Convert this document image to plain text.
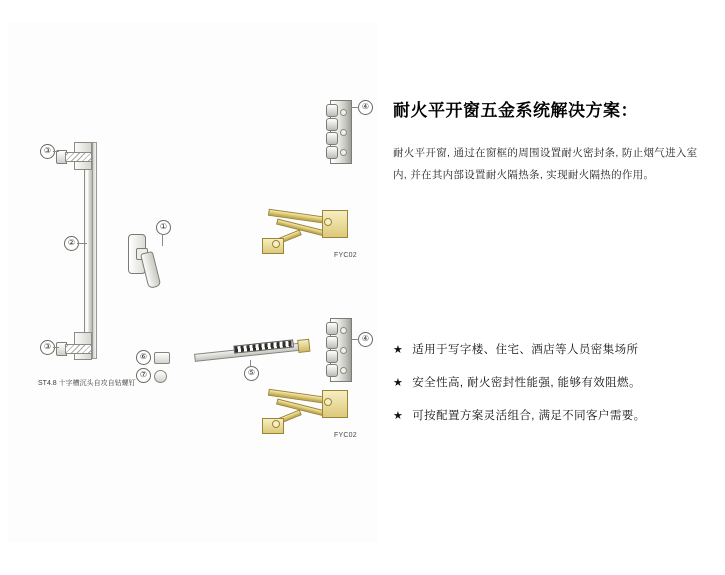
FYC02
FYC02
①
②
③
③
④
④
⑤
⑥
⑦
ST4.8 十字槽沉头自攻自钻螺钉
耐火平开窗五金系统解决方案：

耐火平开窗, 通过在窗框的周围设置耐火密封条, 防止烟气进入室内, 并在其内部设置耐火隔热条, 实现耐火隔热的作用。

★ 适用于写字楼、住宅、酒店等人员密集场所
★ 安全性高, 耐火密封性能强, 能够有效阻燃。
★ 可按配置方案灵活组合, 满足不同客户需要。
